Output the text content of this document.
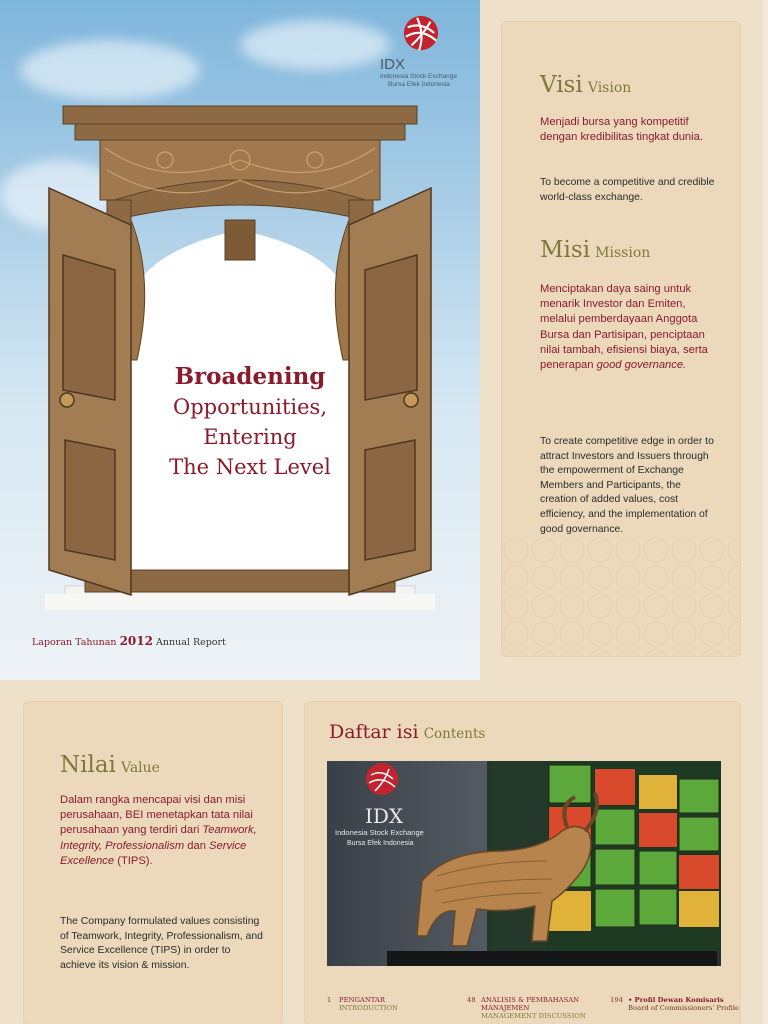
IDX
Indonesia Stock Exchange
Bursa Efek Indonesia
Broadening
Opportunities,
Entering
The Next Level
Laporan Tahunan 2012 Annual Report
Visi Vision

Menjadi bursa yang kompetitif dengan kredibilitas tingkat dunia.

To become a competitive and credible world-class exchange.

Misi Mission

Menciptakan daya saing untuk menarik Investor dan Emiten, melalui pemberdayaan Anggota Bursa dan Partisipan, penciptaan nilai tambah, efisiensi biaya, serta penerapan good governance.

To create competitive edge in order to attract Investors and Issuers through the empowerment of Exchange Members and Participants, the creation of added values, cost efficiency, and the implementation of good governance.

Nilai Value

Dalam rangka mencapai visi dan misi perusahaan, BEI menetapkan tata nilai perusahaan yang terdiri dari Teamwork, Integrity, Professionalism dan Service Excellence (TIPS).

The Company formulated values consisting of Teamwork, Integrity, Professionalism, and Service Excellence (TIPS) in order to achieve its vision & mission.

Daftar isi Contents
IDX
Indonesia Stock Exchange
Bursa Efek Indonesia
1 PENGANTAR
INTRODUCTION
48 ANALISIS & PEMBAHASAN MANAJEMEN
MANAGEMENT DISCUSSION
194 • Profil Dewan Komisaris
Board of Commissioners' Profile
